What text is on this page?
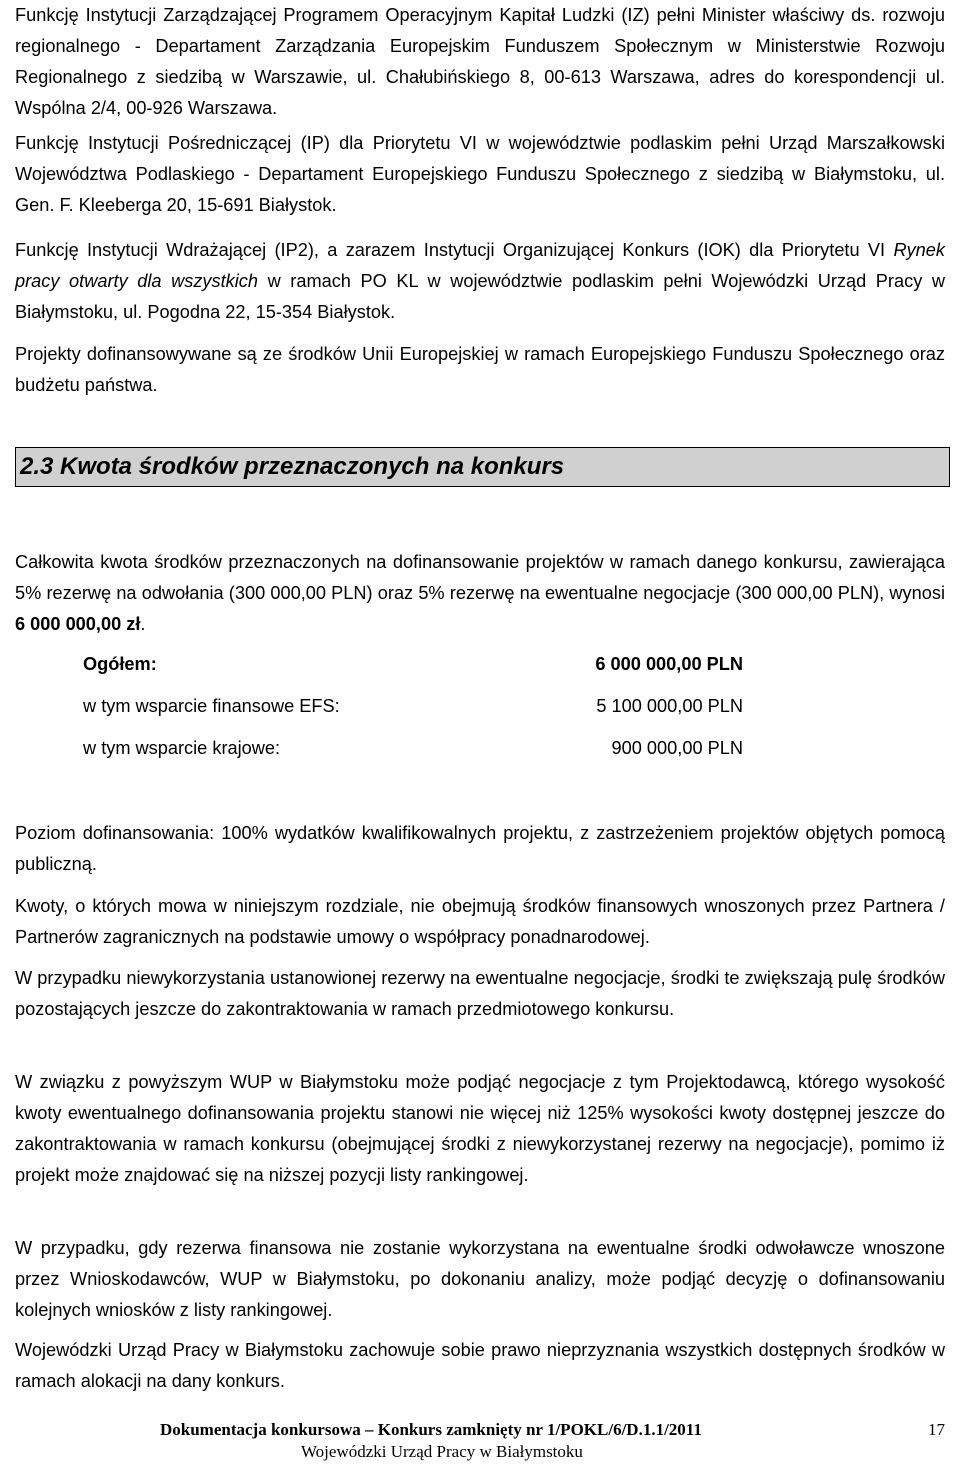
Funkcję Instytucji Zarządzającej Programem Operacyjnym Kapitał Ludzki (IZ) pełni Minister właściwy ds. rozwoju regionalnego - Departament Zarządzania Europejskim Funduszem Społecznym w Ministerstwie Rozwoju Regionalnego z siedzibą w Warszawie, ul. Chałubińskiego 8, 00-613 Warszawa, adres do korespondencji ul. Wspólna 2/4, 00-926 Warszawa.

Funkcję Instytucji Pośredniczącej (IP) dla Priorytetu VI w województwie podlaskim pełni Urząd Marszałkowski Województwa Podlaskiego - Departament Europejskiego Funduszu Społecznego z siedzibą w Białymstoku, ul. Gen. F. Kleeberga 20, 15-691 Białystok.

Funkcję Instytucji Wdrażającej (IP2), a zarazem Instytucji Organizującej Konkurs (IOK) dla Priorytetu VI Rynek pracy otwarty dla wszystkich w ramach PO KL w województwie podlaskim pełni Wojewódzki Urząd Pracy w Białymstoku, ul. Pogodna 22, 15-354 Białystok.

Projekty dofinansowywane są ze środków Unii Europejskiej w ramach Europejskiego Funduszu Społecznego oraz budżetu państwa.

2.3 Kwota środków przeznaczonych na konkurs

Całkowita kwota środków przeznaczonych na dofinansowanie projektów w ramach danego konkursu, zawierająca 5% rezerwę na odwołania (300 000,00 PLN) oraz 5% rezerwę na ewentualne negocjacje (300 000,00 PLN), wynosi 6 000 000,00 zł.

Ogółem:	6 000 000,00 PLN
w tym wsparcie finansowe EFS:	5 100 000,00 PLN
w tym wsparcie krajowe:	900 000,00 PLN

Poziom dofinansowania: 100% wydatków kwalifikowalnych projektu, z zastrzeżeniem projektów objętych pomocą publiczną.

Kwoty, o których mowa w niniejszym rozdziale, nie obejmują środków finansowych wnoszonych przez Partnera / Partnerów zagranicznych na podstawie umowy o współpracy ponadnarodowej.

W przypadku niewykorzystania ustanowionej rezerwy na ewentualne negocjacje, środki te zwiększają pulę środków pozostających jeszcze do zakontraktowania w ramach przedmiotowego konkursu.

W związku z powyższym WUP w Białymstoku może podjąć negocjacje z tym Projektodawcą, którego wysokość kwoty ewentualnego dofinansowania projektu stanowi nie więcej niż 125% wysokości kwoty dostępnej jeszcze do zakontraktowania w ramach konkursu (obejmującej środki z niewykorzystanej rezerwy na negocjacje), pomimo iż projekt może znajdować się na niższej pozycji listy rankingowej.

W przypadku, gdy rezerwa finansowa nie zostanie wykorzystana na ewentualne środki odwoławcze wnoszone przez Wnioskodawców, WUP w Białymstoku, po dokonaniu analizy, może podjąć decyzję o dofinansowaniu kolejnych wniosków z listy rankingowej.

Wojewódzki Urząd Pracy w Białymstoku zachowuje sobie prawo nieprzyznania wszystkich dostępnych środków w ramach alokacji na dany konkurs.

Dokumentacja konkursowa – Konkurs zamknięty nr 1/POKL/6/D.1.1/2011
Wojewódzki Urząd Pracy w Białymstoku
17
